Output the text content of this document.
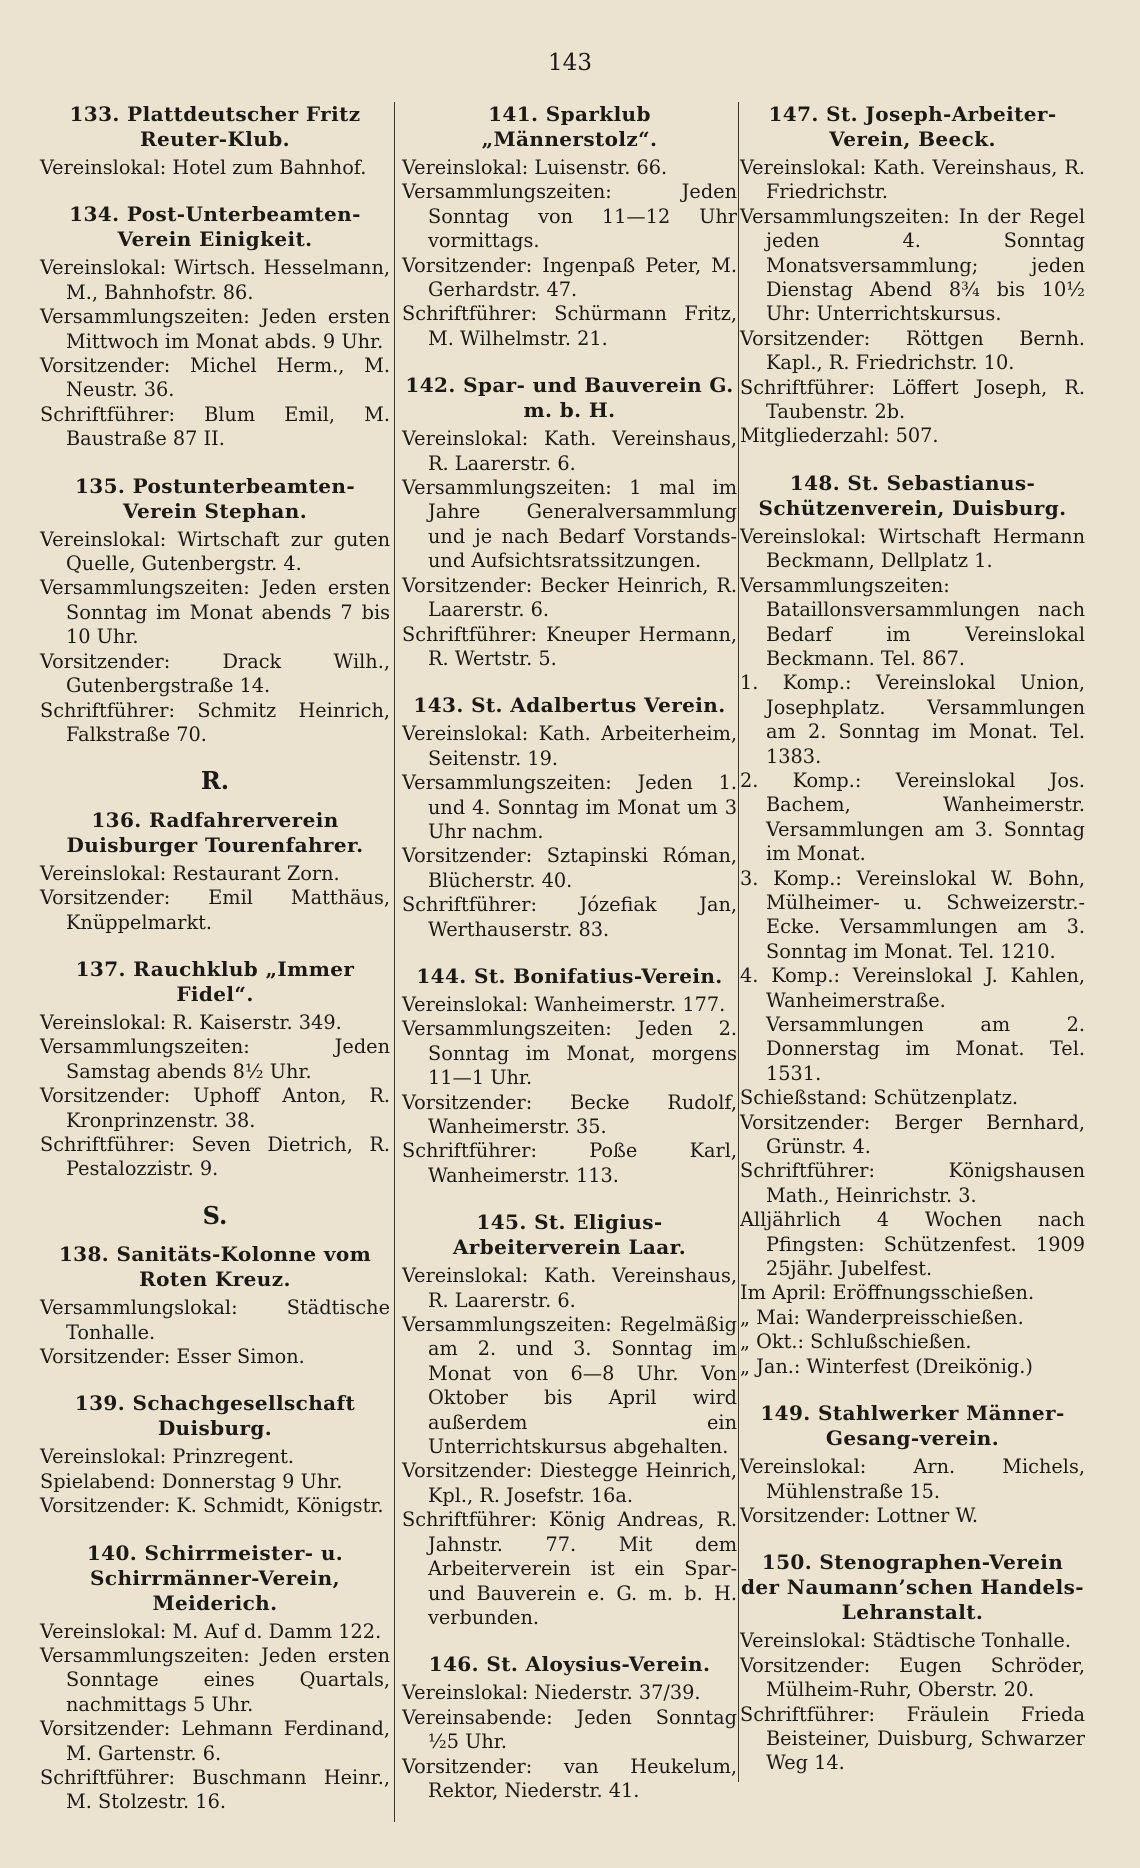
143
133. Plattdeutscher Fritz Reuter-Klub.
Vereinslokal: Hotel zum Bahnhof.
134. Post-Unterbeamten-Verein Einigkeit.
Vereinslokal: Wirtsch. Hesselmann, M., Bahnhofstr. 86.
Versammlungszeiten: Jeden ersten Mittwoch im Monat abds. 9 Uhr.
Vorsitzender: Michel Herm., M. Neustr. 36.
Schriftführer: Blum Emil, M. Baustraße 87 II.
135. Postunterbeamten-Verein Stephan.
Vereinslokal: Wirtschaft zur guten Quelle, Gutenbergstr. 4.
Versammlungszeiten: Jeden ersten Sonntag im Monat abends 7 bis 10 Uhr.
Vorsitzender: Drack Wilh., Gutenbergstraße 14.
Schriftführer: Schmitz Heinrich, Falkstraße 70.
R.
136. Radfahrerverein Duisburger Tourenfahrer.
Vereinslokal: Restaurant Zorn.
Vorsitzender: Emil Matthäus, Knüppelmarkt.
137. Rauchklub „Immer Fidel“.
Vereinslokal: R. Kaiserstr. 349.
Versammlungszeiten: Jeden Samstag abends 8½ Uhr.
Vorsitzender: Uphoff Anton, R. Kronprinzenstr. 38.
Schriftführer: Seven Dietrich, R. Pestalozzistr. 9.
S.
138. Sanitäts-Kolonne vom Roten Kreuz.
Versammlungslokal: Städtische Tonhalle.
Vorsitzender: Esser Simon.
139. Schachgesellschaft Duisburg.
Vereinslokal: Prinzregent.
Spielabend: Donnerstag 9 Uhr.
Vorsitzender: K. Schmidt, Königstr.
140. Schirrmeister- u. Schirrmänner-Verein, Meiderich.
Vereinslokal: M. Auf d. Damm 122.
Versammlungszeiten: Jeden ersten Sonntage eines Quartals, nachmittags 5 Uhr.
Vorsitzender: Lehmann Ferdinand, M. Gartenstr. 6.
Schriftführer: Buschmann Heinr., M. Stolzestr. 16.
141. Sparklub „Männerstolz“.
Vereinslokal: Luisenstr. 66.
Versammlungszeiten: Jeden Sonntag von 11—12 Uhr vormittags.
Vorsitzender: Ingenpaß Peter, M. Gerhardstr. 47.
Schriftführer: Schürmann Fritz, M. Wilhelmstr. 21.
142. Spar- und Bauverein G. m. b. H.
Vereinslokal: Kath. Vereinshaus, R. Laarerstr. 6.
Versammlungszeiten: 1 mal im Jahre Generalversammlung und je nach Bedarf Vorstands- und Aufsichtsratssitzungen.
Vorsitzender: Becker Heinrich, R. Laarerstr. 6.
Schriftführer: Kneuper Hermann, R. Wertstr. 5.
143. St. Adalbertus Verein.
Vereinslokal: Kath. Arbeiterheim, Seitenstr. 19.
Versammlungszeiten: Jeden 1. und 4. Sonntag im Monat um 3 Uhr nachm.
Vorsitzender: Sztapinski Róman, Blücherstr. 40.
Schriftführer: Józefiak Jan, Werthauserstr. 83.
144. St. Bonifatius-Verein.
Vereinslokal: Wanheimerstr. 177.
Versammlungszeiten: Jeden 2. Sonntag im Monat, morgens 11—1 Uhr.
Vorsitzender: Becke Rudolf, Wanheimerstr. 35.
Schriftführer: Poße Karl, Wanheimerstr. 113.
145. St. Eligius-Arbeiterverein Laar.
Vereinslokal: Kath. Vereinshaus, R. Laarerstr. 6.
Versammlungszeiten: Regelmäßig am 2. und 3. Sonntag im Monat von 6—8 Uhr. Von Oktober bis April wird außerdem ein Unterrichtskursus abgehalten.
Vorsitzender: Diestegge Heinrich, Kpl., R. Josefstr. 16a.
Schriftführer: König Andreas, R. Jahnstr. 77. Mit dem Arbeiterverein ist ein Spar- und Bauverein e. G. m. b. H. verbunden.
146. St. Aloysius-Verein.
Vereinslokal: Niederstr. 37/39.
Vereinsabende: Jeden Sonntag ½5 Uhr.
Vorsitzender: van Heukelum, Rektor, Niederstr. 41.
147. St. Joseph-Arbeiter-Verein, Beeck.
Vereinslokal: Kath. Vereinshaus, R. Friedrichstr.
Versammlungszeiten: In der Regel jeden 4. Sonntag Monatsversammlung; jeden Dienstag Abend 8¾ bis 10½ Uhr: Unterrichtskursus.
Vorsitzender: Röttgen Bernh. Kapl., R. Friedrichstr. 10.
Schriftführer: Löffert Joseph, R. Taubenstr. 2b.
Mitgliederzahl: 507.
148. St. Sebastianus-Schützenverein, Duisburg.
Vereinslokal: Wirtschaft Hermann Beckmann, Dellplatz 1.
Versammlungszeiten: Bataillonsversammlungen nach Bedarf im Vereinslokal Beckmann. Tel. 867.
1. Komp.: Vereinslokal Union, Josephplatz. Versammlungen am 2. Sonntag im Monat. Tel. 1383.
2. Komp.: Vereinslokal Jos. Bachem, Wanheimerstr. Versammlungen am 3. Sonntag im Monat.
3. Komp.: Vereinslokal W. Bohn, Mülheimer- u. Schweizerstr.-Ecke. Versammlungen am 3. Sonntag im Monat. Tel. 1210.
4. Komp.: Vereinslokal J. Kahlen, Wanheimerstraße. Versammlungen am 2. Donnerstag im Monat. Tel. 1531.
Schießstand: Schützenplatz.
Vorsitzender: Berger Bernhard, Grünstr. 4.
Schriftführer: Königshausen Math., Heinrichstr. 3.
Alljährlich 4 Wochen nach Pfingsten: Schützenfest. 1909 25jähr. Jubelfest.
Im April: Eröffnungsschießen.
„ Mai: Wanderpreisschießen.
„ Okt.: Schlußschießen.
„ Jan.: Winterfest (Dreikönig.)
149. Stahlwerker Männer-Gesang-verein.
Vereinslokal: Arn. Michels, Mühlenstraße 15.
Vorsitzender: Lottner W.
150. Stenographen-Verein der Naumann’schen Handels-Lehranstalt.
Vereinslokal: Städtische Tonhalle.
Vorsitzender: Eugen Schröder, Mülheim-Ruhr, Oberstr. 20.
Schriftführer: Fräulein Frieda Beisteiner, Duisburg, Schwarzer Weg 14.
